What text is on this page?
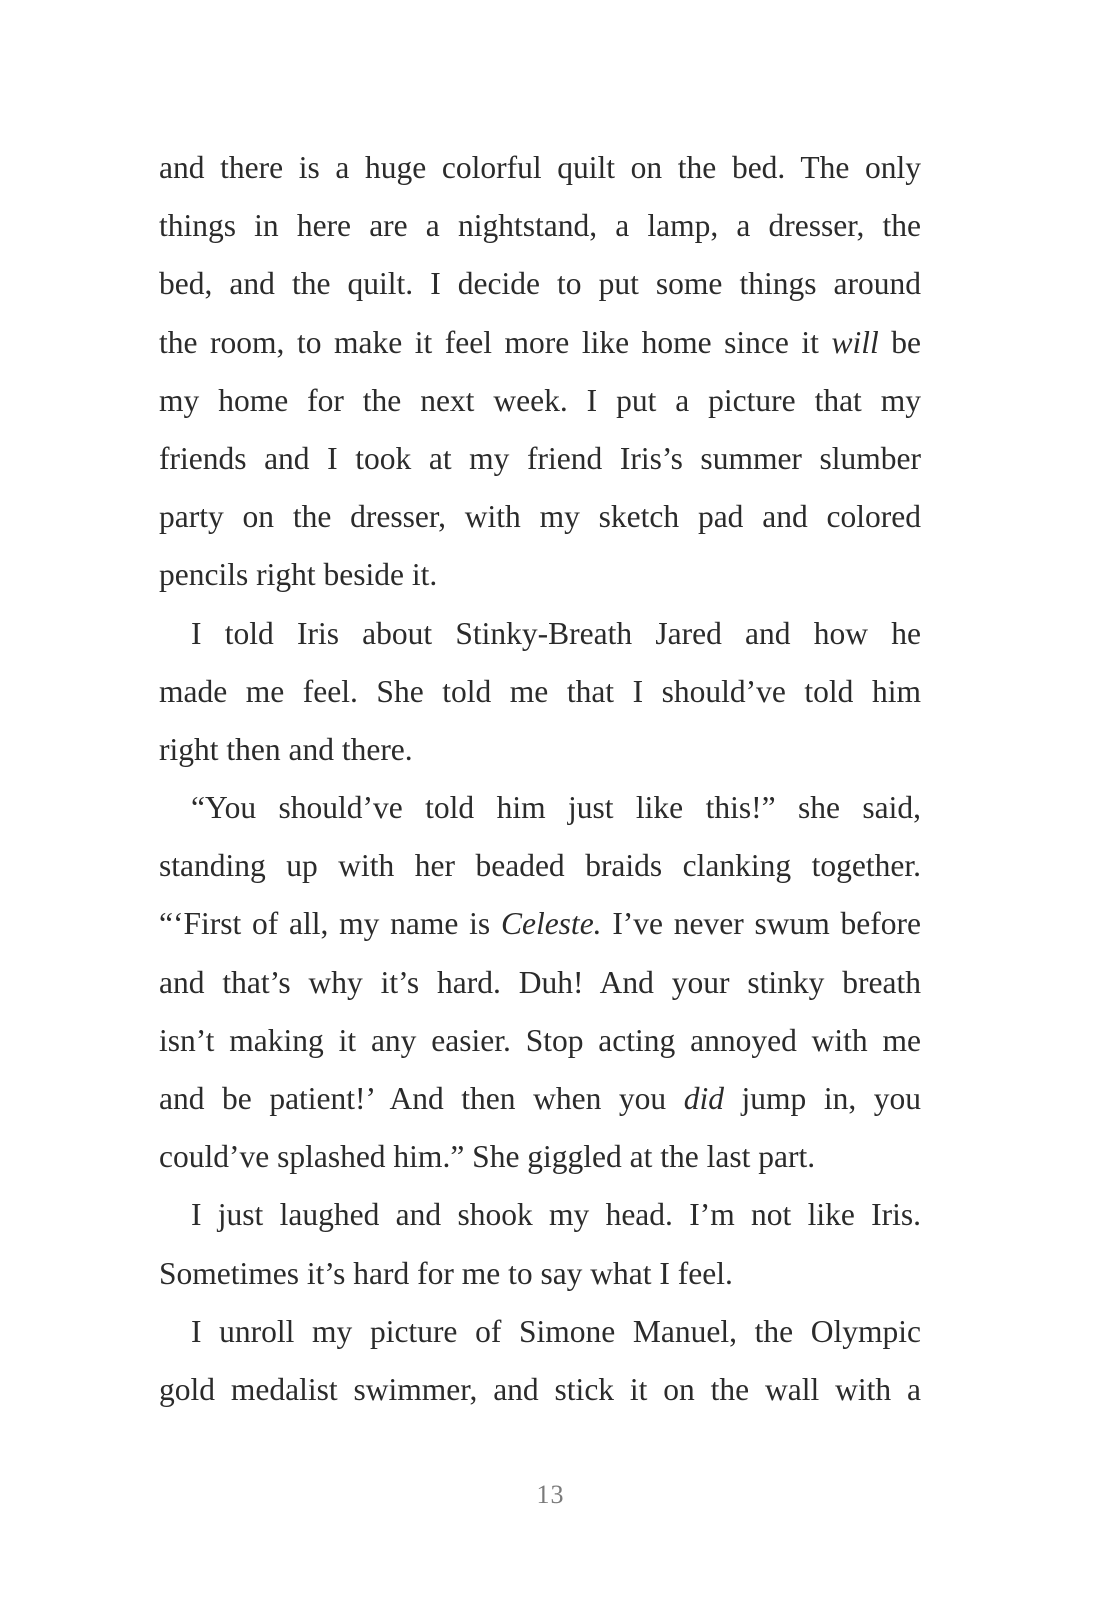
and there is a huge colorful quilt on the bed. The only
things in here are a nightstand, a lamp, a dresser, the
bed, and the quilt. I decide to put some things around
the room, to make it feel more like home since it will be
my home for the next week. I put a picture that my
friends and I took at my friend Iris’s summer slumber
party on the dresser, with my sketch pad and colored
pencils right beside it.
I told Iris about Stinky-Breath Jared and how he
made me feel. She told me that I should’ve told him
right then and there.
“You should’ve told him just like this!” she said,
standing up with her beaded braids clanking together.
“‘First of all, my name is Celeste. I’ve never swum before
and that’s why it’s hard. Duh! And your stinky breath
isn’t making it any easier. Stop acting annoyed with me
and be patient!’ And then when you did jump in, you
could’ve splashed him.” She giggled at the last part.
I just laughed and shook my head. I’m not like Iris.
Sometimes it’s hard for me to say what I feel.
I unroll my picture of Simone Manuel, the Olympic
gold medalist swimmer, and stick it on the wall with a
13
